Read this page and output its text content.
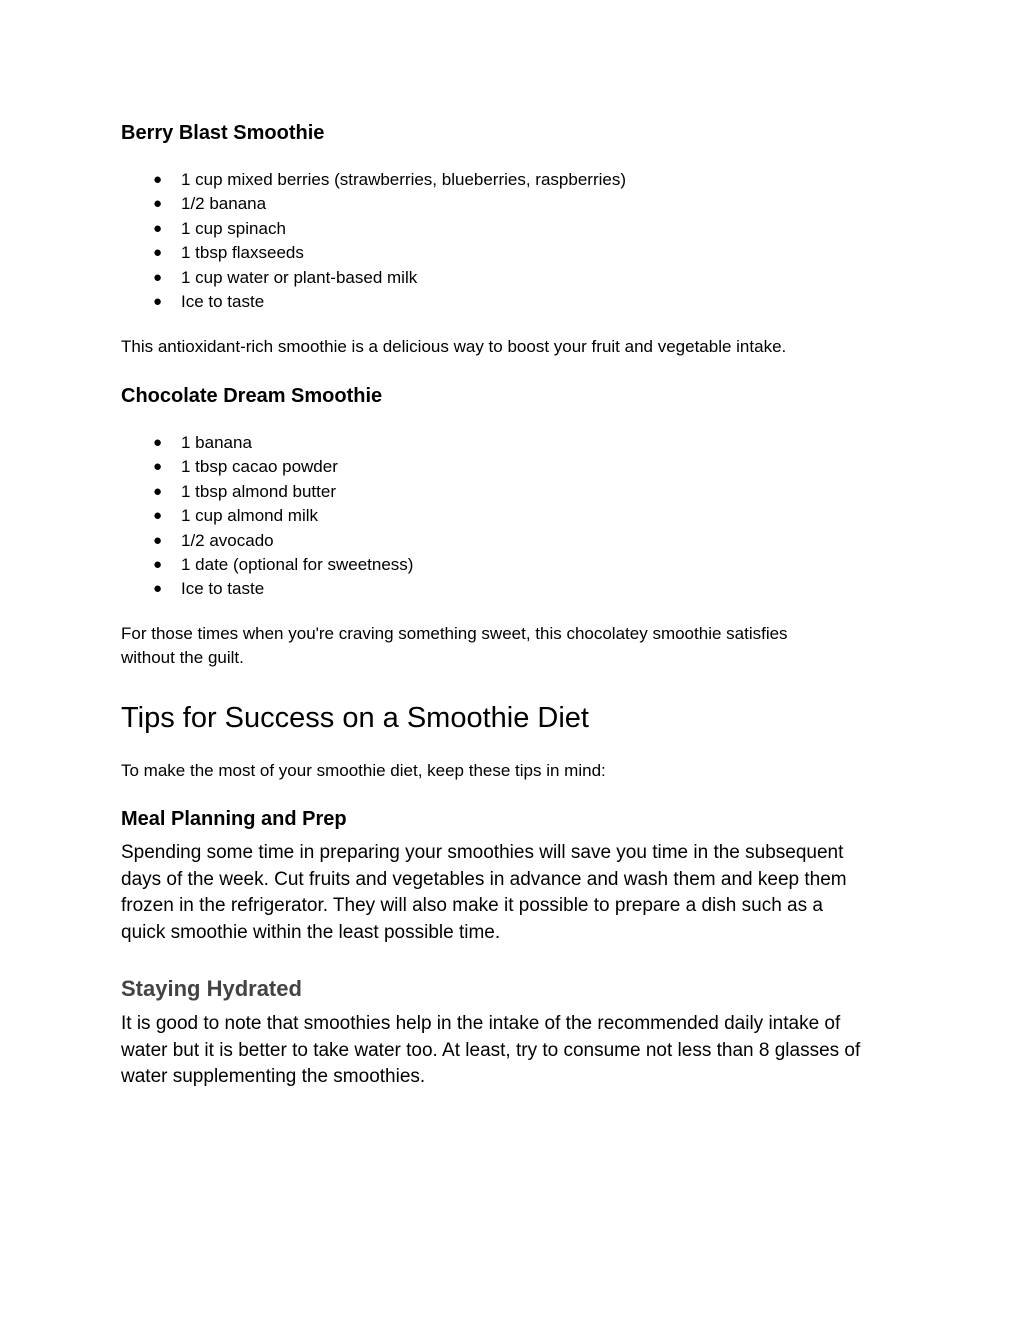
Berry Blast Smoothie
● 1 cup mixed berries (strawberries, blueberries, raspberries)
● 1/2 banana
● 1 cup spinach
● 1 tbsp flaxseeds
● 1 cup water or plant-based milk
● Ice to taste

This antioxidant-rich smoothie is a delicious way to boost your fruit and vegetable intake.

Chocolate Dream Smoothie
● 1 banana
● 1 tbsp cacao powder
● 1 tbsp almond butter
● 1 cup almond milk
● 1/2 avocado
● 1 date (optional for sweetness)
● Ice to taste
For those times when you're craving something sweet, this chocolatey smoothie satisfies
without the guilt.
Tips for Success on a Smoothie Diet

To make the most of your smoothie diet, keep these tips in mind:

Meal Planning and Prep
Spending some time in preparing your smoothies will save you time in the subsequent
days of the week. Cut fruits and vegetables in advance and wash them and keep them
frozen in the refrigerator. They will also make it possible to prepare a dish such as a
quick smoothie within the least possible time.
Staying Hydrated
It is good to note that smoothies help in the intake of the recommended daily intake of
water but it is better to take water too. At least, try to consume not less than 8 glasses of
water supplementing the smoothies.
